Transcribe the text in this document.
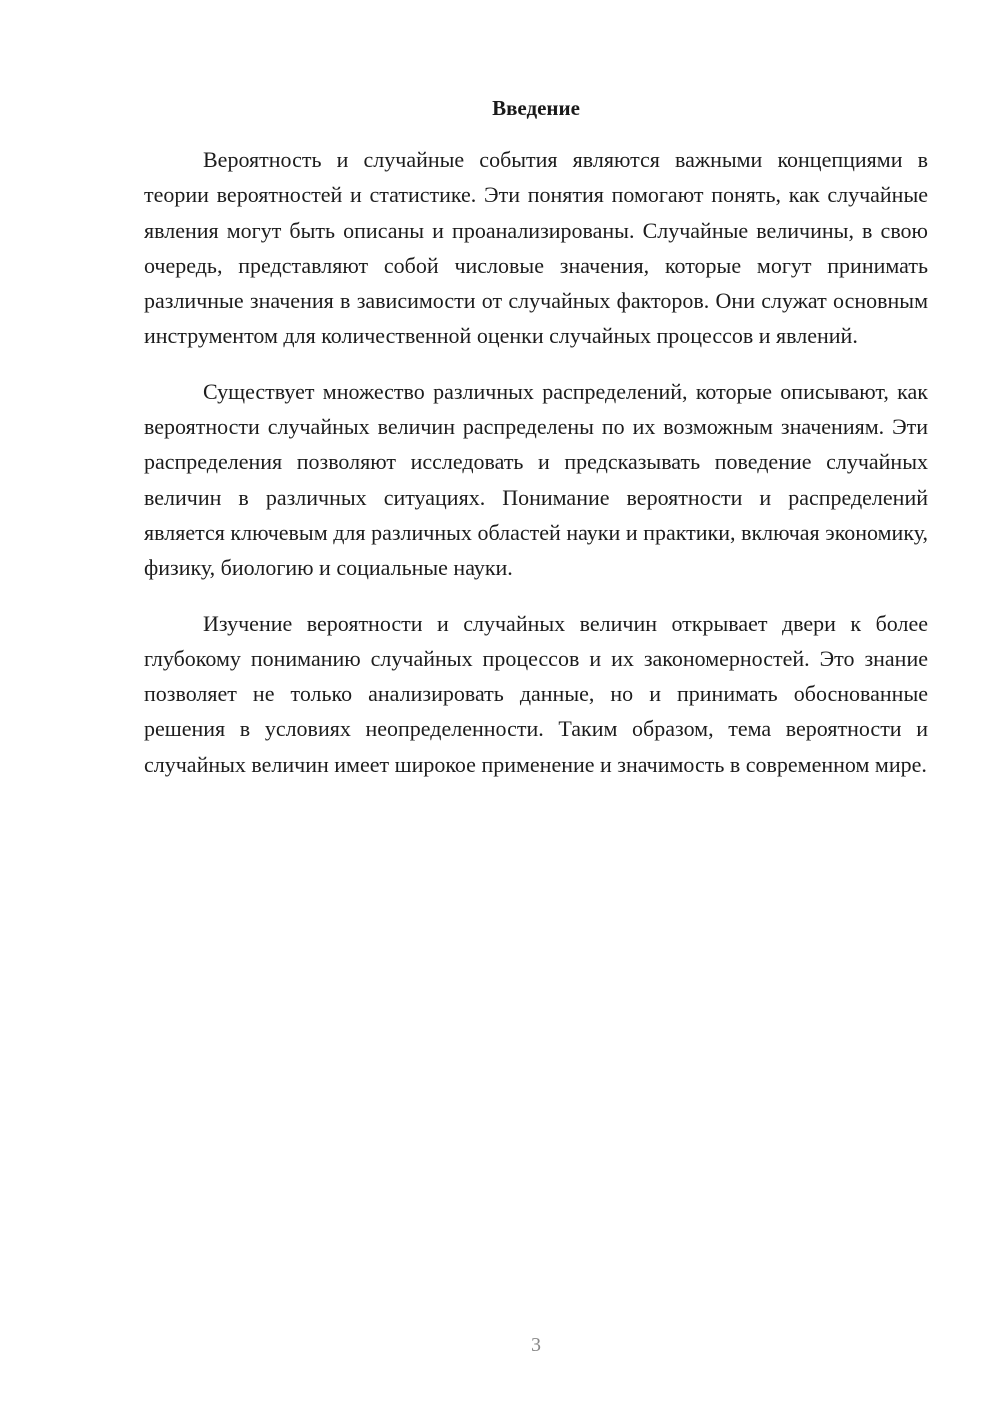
Введение

Вероятность и случайные события являются важными концепциями в теории вероятностей и статистике. Эти понятия помогают понять, как случайные явления могут быть описаны и проанализированы. Случайные величины, в свою очередь, представляют собой числовые значения, которые могут принимать различные значения в зависимости от случайных факторов. Они служат основным инструментом для количественной оценки случайных процессов и явлений.

Существует множество различных распределений, которые описывают, как вероятности случайных величин распределены по их возможным значениям. Эти распределения позволяют исследовать и предсказывать поведение случайных величин в различных ситуациях. Понимание вероятности и распределений является ключевым для различных областей науки и практики, включая экономику, физику, биологию и социальные науки.

Изучение вероятности и случайных величин открывает двери к более глубокому пониманию случайных процессов и их закономерностей. Это знание позволяет не только анализировать данные, но и принимать обоснованные решения в условиях неопределенности. Таким образом, тема вероятности и случайных величин имеет широкое применение и значимость в современном мире.

3
